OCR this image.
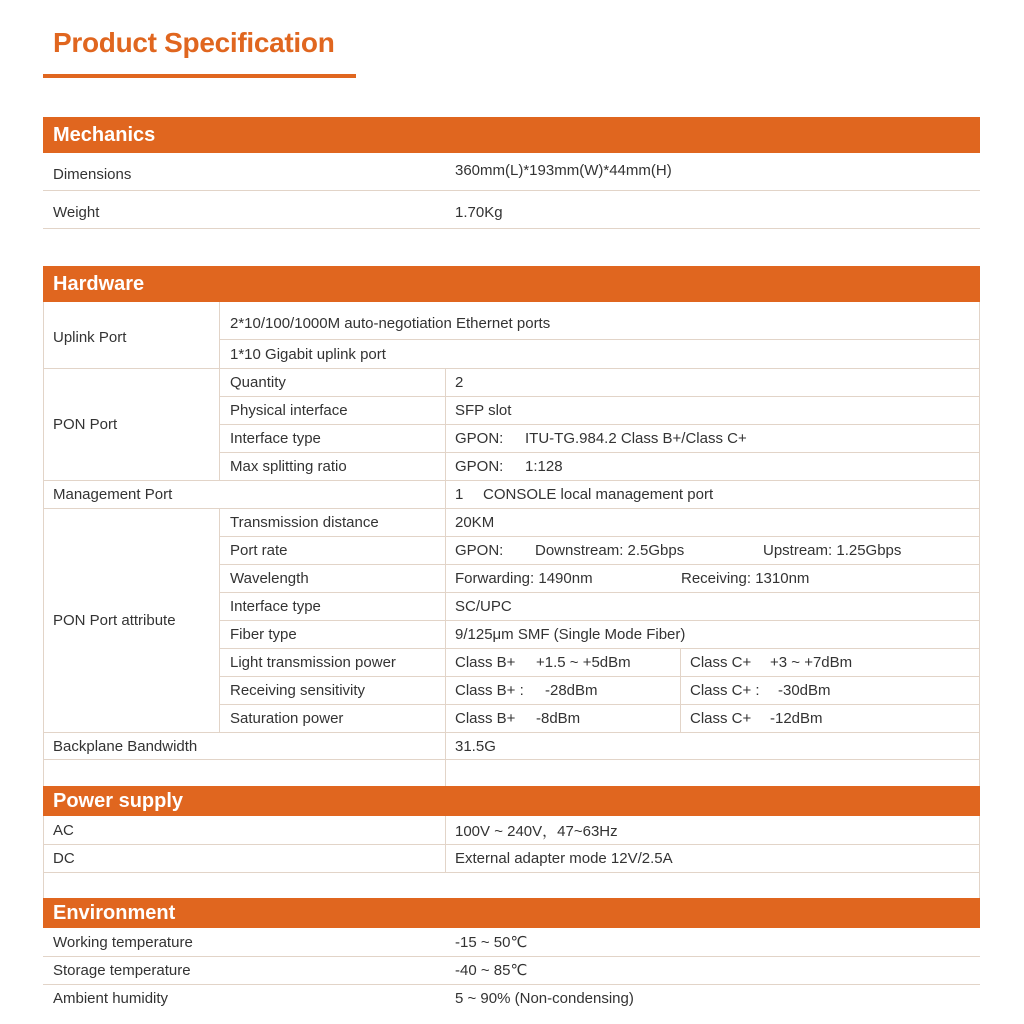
Product Specification
Mechanics
Dimensions	360mm(L)*193mm(W)*44mm(H)
Weight	1.70Kg
Hardware
Uplink Port
2*10/100/1000M auto-negotiation Ethernet ports
1*10 Gigabit uplink port
PON Port
Quantity	2
Physical interface	SFP slot
Interface type	GPON: ITU-TG.984.2 Class B+/Class C+
Max splitting ratio	GPON: 1:128
Management Port	1 CONSOLE local management port
PON Port attribute
Transmission distance	20KM
Port rate	GPON: Downstream: 2.5Gbps	Upstream: 1.25Gbps
Wavelength	Forwarding: 1490nm	Receiving: 1310nm
Interface type	SC/UPC
Fiber type	9/125μm SMF (Single Mode Fiber)
Light transmission power	Class B+ +1.5 ~ +5dBm	Class C+ +3 ~ +7dBm
Receiving sensitivity	Class B+ : -28dBm	Class C+ : -30dBm
Saturation power	Class B+ -8dBm	Class C+ -12dBm
Backplane Bandwidth	31.5G
Power supply
AC	100V ~ 240V，47~63Hz
DC	External adapter mode 12V/2.5A
Environment
Working temperature	-15 ~ 50℃
Storage temperature	-40 ~ 85℃
Ambient humidity	5 ~ 90% (Non-condensing)
